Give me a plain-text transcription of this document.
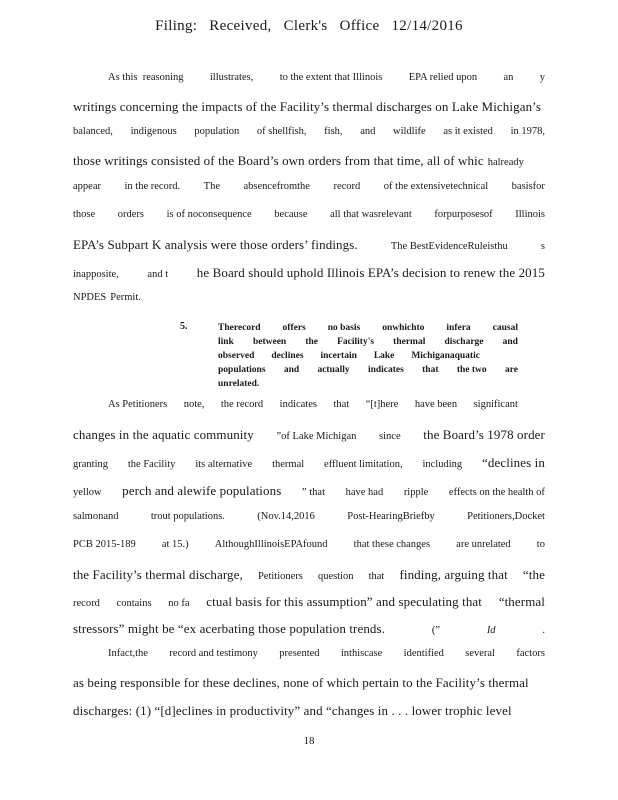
Filing: Received, Clerk's Office 12/14/2016
As this  reasoning	illustrates,	to the extent that Illinois	EPA relied upon	an	y
writings concerning the impacts of the Facility’s thermal discharges on Lake Michigan’s
balanced, indigenous population of shellfish, fish, and wildlife as it existed in 1978,
those writings consisted of the Board’s own orders from that time, all of whic halready
appear in the record. The absencefromthe record of the extensivetechnical basisfor
those orders is of noconsequence because all that wasrelevant forpurposesof Illinois
EPA’s Subpart K analysis were those orders’ findings.	The BestEvidenceRuleisthu	s
inapposite,	and t he Board should uphold Illinois EPA’s decision to renew the 2015
NPDES Permit.
As Petitioners note, the record indicates that “[t]here have been significant
changes in the aquatic community ”of Lake Michigan since the Board’s 1978 order
granting the Facility its alternative thermal effluent limitation, including “declines in
yellow perch and alewife populations ” that have had ripple effects on the health of
salmonand	trout populations.	(Nov.14,2016	Post-HearingBriefby	Petitioners,Docket
PCB 2015-189 at 15.) AlthoughIllinoisEPAfound that these changes are unrelated to
the Facility’s thermal discharge, Petitioners question that finding, arguing that “the
record contains no fa ctual basis for this assumption” and speculating that “thermal
stressors” might be “ex acerbating those population trends.	(”	Id	.
Infact,the record and testimony presented inthiscase identified several factors
as being responsible for these declines, none of which pertain to the Facility’s thermal
discharges: (1) “[d]eclines in productivity” and “changes in . . . lower trophic level
5.	Therecord offers no basis onwhichto infera causal
link between the Facility's thermal discharge and
observed declines incertain Lake Michiganaquatic
populations and actually indicates that the two are
unrelated.
18
